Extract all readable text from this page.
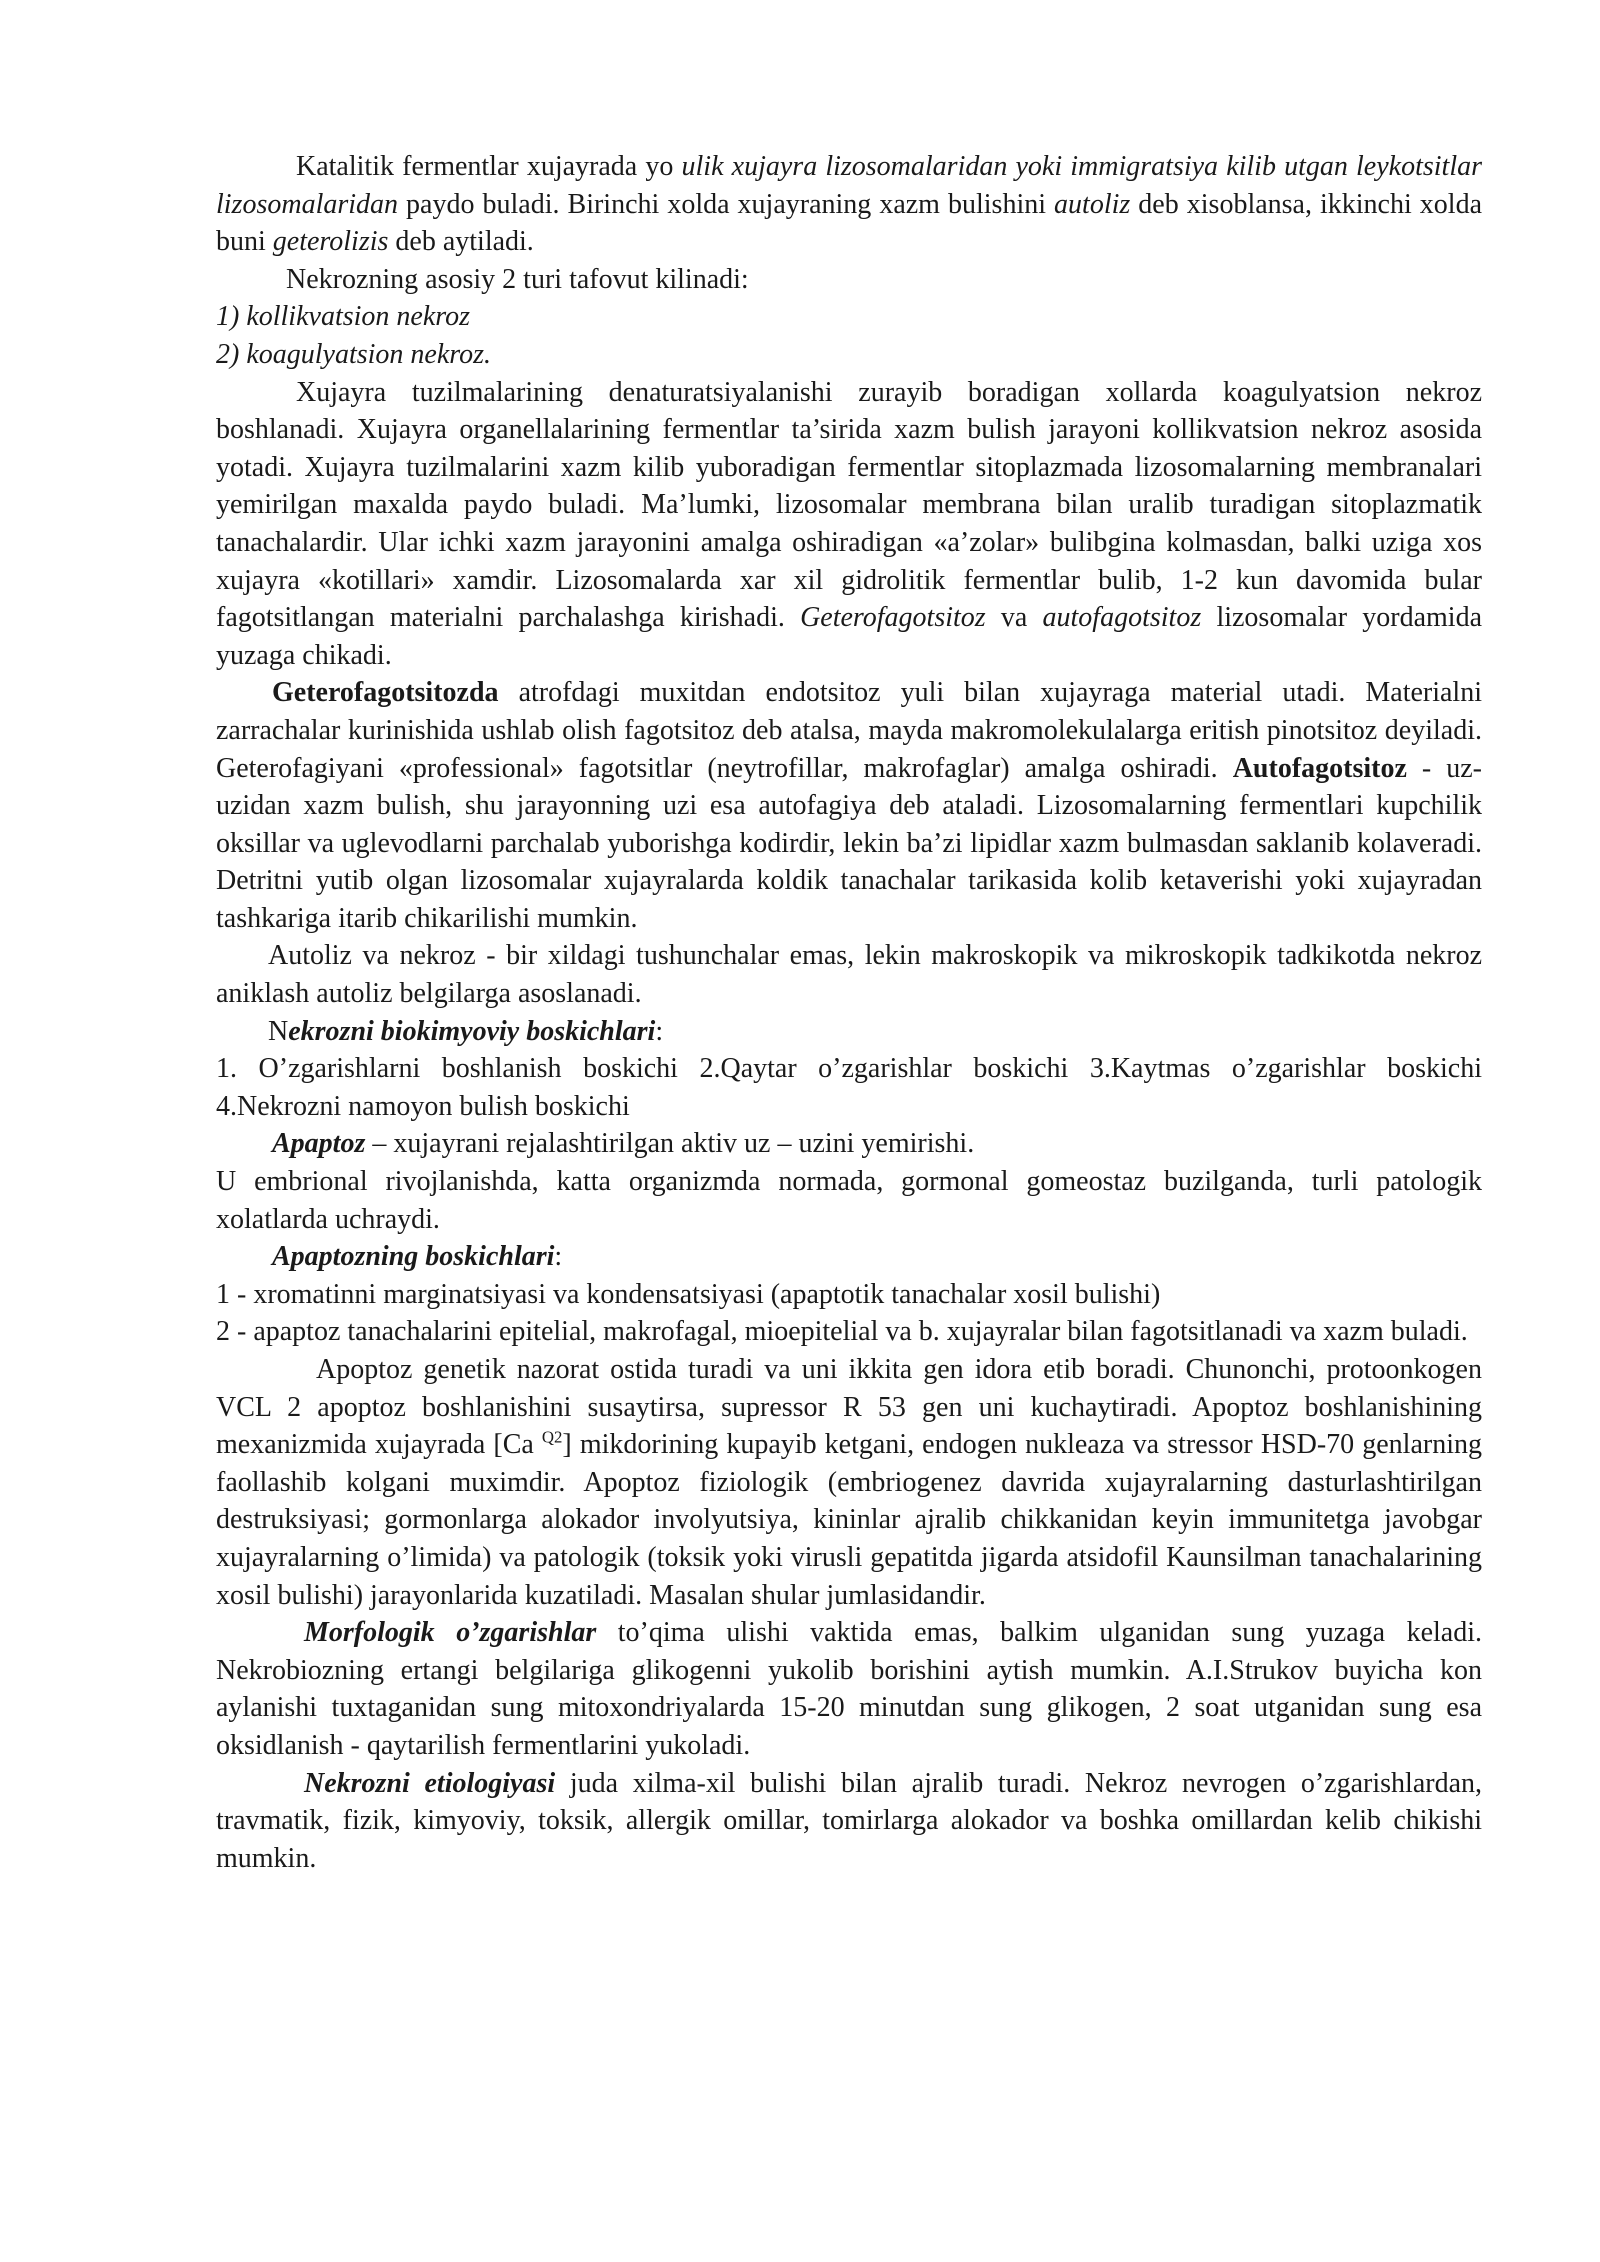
Katalitik fermentlar xujayrada yo ulik xujayra lizosomalaridan yoki immigratsiya kilib utgan leykotsitlar lizosomalaridan paydo buladi. Birinchi xolda xujayraning xazm bulishini autoliz deb xisoblansa, ikkinchi xolda buni geterolizis deb aytiladi.

Nekrozning asosiy 2 turi tafovut kilinadi:

1) kollikvatsion nekroz

2) koagulyatsion nekroz.

Xujayra tuzilmalarining denaturatsiyalanishi zurayib boradigan xollarda koagulyatsion nekroz boshlanadi. Xujayra organellalarining fermentlar ta’sirida xazm bulish jarayoni kollikvatsion nekroz asosida yotadi. Xujayra tuzilmalarini xazm kilib yuboradigan fermentlar sitoplazmada lizosomalarning membranalari yemirilgan maxalda paydo buladi. Ma’lumki, lizosomalar membrana bilan uralib turadigan sitoplazmatik tanachalardir. Ular ichki xazm jarayonini amalga oshiradigan «a’zolar» bulibgina kolmasdan, balki uziga xos xujayra «kotillari» xamdir. Lizosomalarda xar xil gidrolitik fermentlar bulib, 1-2 kun davomida bular fagotsitlangan materialni parchalashga kirishadi. Geterofagotsitoz va autofagotsitoz lizosomalar yordamida yuzaga chikadi.

Geterofagotsitozda atrofdagi muxitdan endotsitoz yuli bilan xujayraga material utadi. Materialni zarrachalar kurinishida ushlab olish fagotsitoz deb atalsa, mayda makromolekulalarga eritish pinotsitoz deyiladi. Geterofagiyani «professional» fagotsitlar (neytrofillar, makrofaglar) amalga oshiradi. Autofagotsitoz - uz-uzidan xazm bulish, shu jarayonning uzi esa autofagiya deb ataladi. Lizosomalarning fermentlari kupchilik oksillar va uglevodlarni parchalab yuborishga kodirdir, lekin ba’zi lipidlar xazm bulmasdan saklanib kolaveradi. Detritni yutib olgan lizosomalar xujayralarda koldik tanachalar tarikasida kolib ketaverishi yoki xujayradan tashkariga itarib chikarilishi mumkin.

Autoliz va nekroz - bir xildagi tushunchalar emas, lekin makroskopik va mikroskopik tadkikotda nekroz aniklash autoliz belgilarga asoslanadi.

Nekrozni biokimyoviy boskichlari:

1. O’zgarishlarni boshlanish boskichi 2.Qaytar o’zgarishlar boskichi 3.Kaytmas o’zgarishlar boskichi 4.Nekrozni namoyon bulish boskichi

Apaptoz – xujayrani rejalashtirilgan aktiv uz – uzini yemirishi.

U embrional rivojlanishda, katta organizmda normada, gormonal gomeostaz buzilganda, turli patologik xolatlarda uchraydi.

Apaptozning boskichlari:

1 - xromatinni marginatsiyasi va kondensatsiyasi (apaptotik tanachalar xosil bulishi)

2 - apaptoz tanachalarini epitelial, makrofagal, mioepitelial va b. xujayralar bilan fagotsitlanadi va xazm buladi.

Apoptoz genetik nazorat ostida turadi va uni ikkita gen idora etib boradi. Chunonchi, protoonkogen VCL 2 apoptoz boshlanishini susaytirsa, supressor R 53 gen uni kuchaytiradi. Apoptoz boshlanishining mexanizmida xujayrada [Ca $^{Q2}$] mikdorining kupayib ketgani, endogen nukleaza va stressor HSD-70 genlarning faollashib kolgani muximdir. Apoptoz fiziologik (embriogenez davrida xujayralarning dasturlashtirilgan destruksiyasi; gormonlarga alokador involyutsiya, kininlar ajralib chikkanidan keyin immunitetga javobgar xujayralarning o’limida) va patologik (toksik yoki virusli gepatitda jigarda atsidofil Kaunsilman tanachalarining xosil bulishi) jarayonlarida kuzatiladi. Masalan shular jumlasidandir.

Morfologik o’zgarishlar to’qima ulishi vaktida emas, balkim ulganidan sung yuzaga keladi. Nekrobiozning ertangi belgilariga glikogenni yukolib borishini aytish mumkin. A.I.Strukov buyicha kon aylanishi tuxtaganidan sung mitoxondriyalarda 15-20 minutdan sung glikogen, 2 soat utganidan sung esa oksidlanish - qaytarilish fermentlarini yukoladi.

Nekrozni etiologiyasi juda xilma-xil bulishi bilan ajralib turadi. Nekroz nevrogen o’zgarishlardan, travmatik, fizik, kimyoviy, toksik, allergik omillar, tomirlarga alokador va boshka omillardan kelib chikishi mumkin.
